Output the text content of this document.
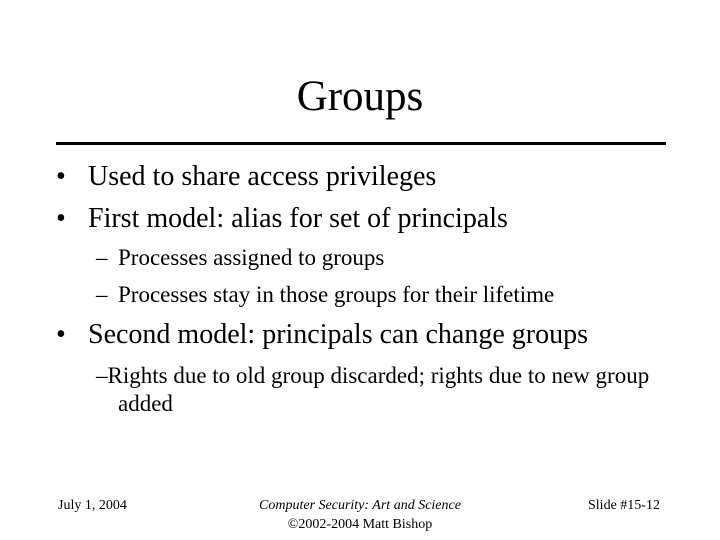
Groups
• Used to share access privileges
• First model: alias for set of principals
– Processes assigned to groups
– Processes stay in those groups for their lifetime
• Second model: principals can change groups
–Rights due to old group discarded; rights due to new group added
July 1, 2004	Computer Security: Art and Science
©2002-2004 Matt Bishop
Slide #15-12
